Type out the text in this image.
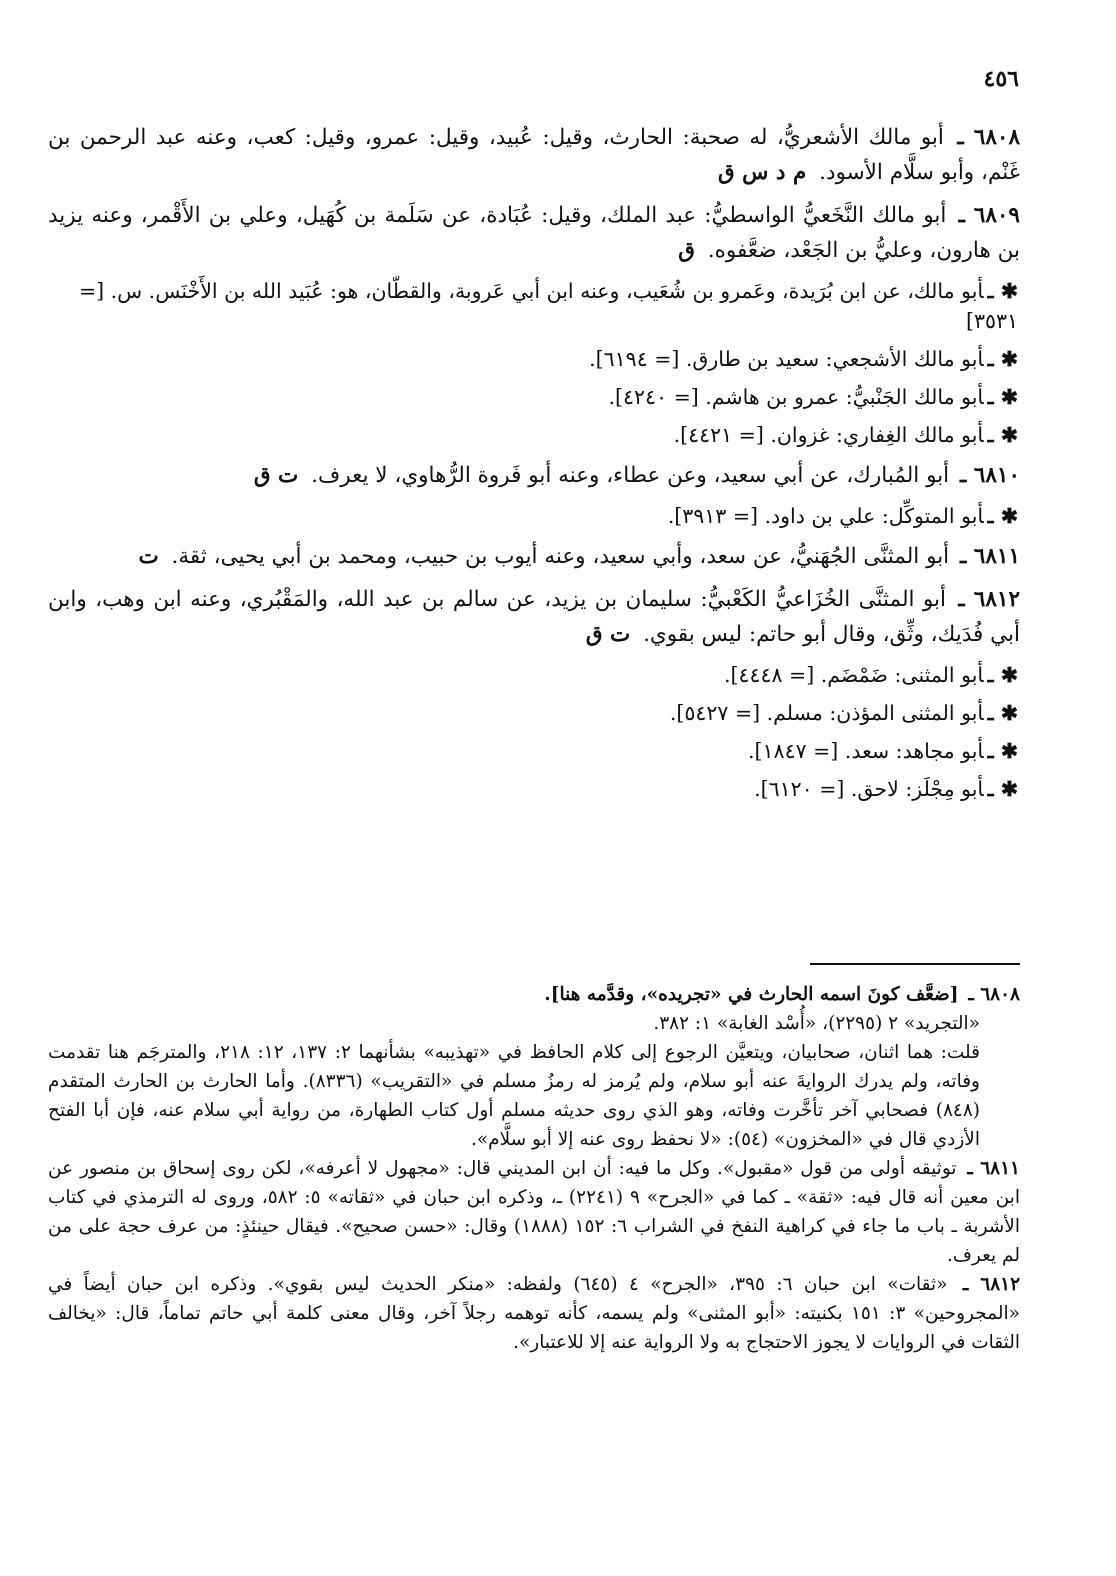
٤٥٦

٦٨٠٨ ـ أبو مالك الأشعريُّ، له صحبة: الحارث، وقيل: عُبيد، وقيل: عمرو، وقيل: كعب، وعنه عبد الرحمن بن غَنْم، وأبو سلَّام الأسود. م د س ق

٦٨٠٩ ـ أبو مالك النَّخَعيُّ الواسطيُّ: عبد الملك، وقيل: عُبَادة، عن سَلَمة بن كُهَيل، وعلي بن الأَقْمر، وعنه يزيد بن هارون، وعليُّ بن الجَعْد، ضعَّفوه. ق

✱ ـأبو مالك، عن ابن بُرَيدة، وعَمرو بن شُعَيب، وعنه ابن أبي عَروبة، والقطّان، هو: عُبَيد الله بن الأَخْنَس. س. [= ٣٥٣١]

✱ ـأبو مالك الأشجعي: سعيد بن طارق. [= ٦١٩٤].

✱ ـأبو مالك الجَنْبيُّ: عمرو بن هاشم. [= ٤٢٤٠].

✱ ـأبو مالك الغِفاري: غزوان. [= ٤٤٢١].

٦٨١٠ ـ أبو المُبارك، عن أبي سعيد، وعن عطاء، وعنه أبو فَروة الرُّهاوي، لا يعرف. ت ق

✱ ـأبو المتوكِّل: علي بن داود. [= ٣٩١٣].

٦٨١١ ـ أبو المثنَّى الجُهَنيُّ، عن سعد، وأبي سعيد، وعنه أيوب بن حبيب، ومحمد بن أبي يحيى، ثقة. ت

٦٨١٢ ـ أبو المثنَّى الخُزَاعيُّ الكَعْبيُّ: سليمان بن يزيد، عن سالم بن عبد الله، والمَقْبُري، وعنه ابن وهب، وابن أبي فُدَيك، وثِّق، وقال أبو حاتم: ليس بقوي. ت ق

✱ ـأبو المثنى: ضَمْضَم. [= ٤٤٤٨].

✱ ـأبو المثنى المؤذن: مسلم. [= ٥٤٢٧].

✱ ـأبو مجاهد: سعد. [= ١٨٤٧].

✱ ـأبو مِجْلَز: لاحق. [= ٦١٢٠].

٦٨٠٨ ـ [ضعَّف كونَ اسمه الحارث في «تجريده»، وقدَّمه هنا].

«التجريد» ٢ (٢٢٩٥)، «أُسْد الغابة» ١: ٣٨٢.

قلت: هما اثنان، صحابيان، ويتعيَّن الرجوع إلى كلام الحافظ في «تهذيبه» بشأنهما ٢: ١٣٧، ١٢: ٢١٨، والمترجَم هنا تقدمت وفاته، ولم يدرك الروايةَ عنه أبو سلام، ولم يُرمز له رمزُ مسلم في «التقريب» (٨٣٣٦). وأما الحارث بن الحارث المتقدم (٨٤٨) فصحابي آخر تأخَّرت وفاته، وهو الذي روى حديثه مسلم أول كتاب الطهارة، من رواية أبي سلام عنه، فإن أبا الفتح الأزدي قال في «المخزون» (٥٤): «لا نحفظ روى عنه إلا أبو سلَّام».

٦٨١١ ـ توثيقه أولى من قول «مقبول». وكل ما فيه: أن ابن المديني قال: «مجهول لا أعرفه»، لكن روى إسحاق بن منصور عن ابن معين أنه قال فيه: «ثقة» ـ كما في «الجرح» ٩ (٢٢٤١) ـ، وذكره ابن حبان في «ثقاته» ٥: ٥٨٢، وروى له الترمذي في كتاب الأشربة ـ باب ما جاء في كراهية النفخ في الشراب ٦: ١٥٢ (١٨٨٨) وقال: «حسن صحيح». فيقال حينئذٍ: من عرف حجة على من لم يعرف.

٦٨١٢ ـ «ثقات» ابن حبان ٦: ٣٩٥، «الجرح» ٤ (٦٤٥) ولفظه: «منكر الحديث ليس بقوي». وذكره ابن حبان أيضاً في «المجروحين» ٣: ١٥١ بكنيته: «أبو المثنى» ولم يسمه، كأنه توهمه رجلاً آخر، وقال معنى كلمة أبي حاتم تماماً، قال: «يخالف الثقات في الروايات لا يجوز الاحتجاج به ولا الرواية عنه إلا للاعتبار».
